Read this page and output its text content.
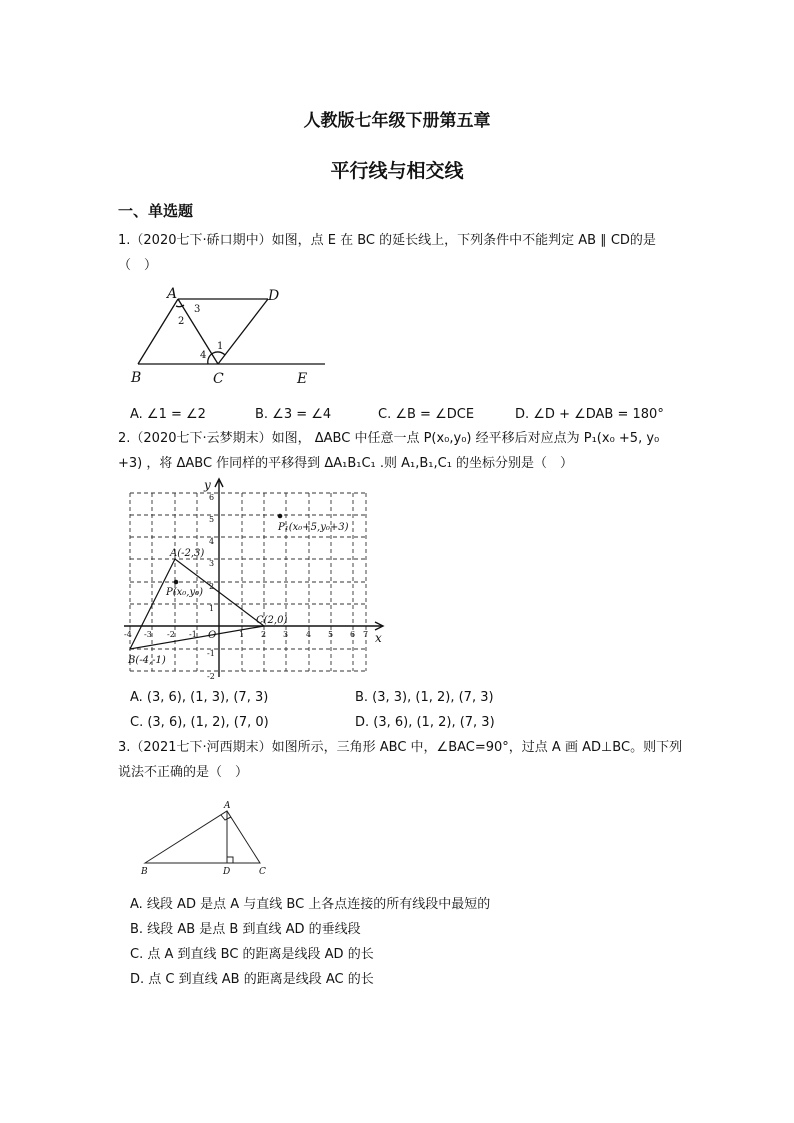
人教版七年级下册第五章
平行线与相交线
一、单选题
1.（2020七下·硚口期中）如图，点 E 在 BC 的延长线上，下列条件中不能判定 AB ∥ CD的是（　）
A	D
B	C	E
1
2
3
4
A. ∠1 = ∠2	B. ∠3 = ∠4	C. ∠B = ∠DCE	D. ∠D + ∠DAB = 180°
2.（2020七下·云梦期末）如图， ΔABC 中任意一点 P(x₀,y₀) 经平移后对应点为 P₁(x₀ +5, y₀ +3) ，将 ΔABC 作同样的平移得到 ΔA₁B₁C₁ .则 A₁,B₁,C₁ 的坐标分别是（　）
x
y
O
A(-2,3)
B(-4,-1)
C(2,0)
P(x₀,y₀)
P₁(x₀+5,y₀+3)
-4 -3 -2 -1	1 2 3 4 5 6 7
-2
-1
1
2
3
4
5
6
A. (3, 6), (1, 3), (7, 3)	B. (3, 3), (1, 2), (7, 3)
C. (3, 6), (1, 2), (7, 0)	D. (3, 6), (1, 2), (7, 3)
3.（2021七下·河西期末）如图所示，三角形 ABC 中，∠BAC=90°，过点 A 画 AD⊥BC。则下列说法不正确的是（　）
A
B	C
D
A. 线段 AD 是点 A 与直线 BC 上各点连接的所有线段中最短的
B. 线段 AB 是点 B 到直线 AD 的垂线段
C. 点 A 到直线 BC 的距离是线段 AD 的长
D. 点 C 到直线 AB 的距离是线段 AC 的长
